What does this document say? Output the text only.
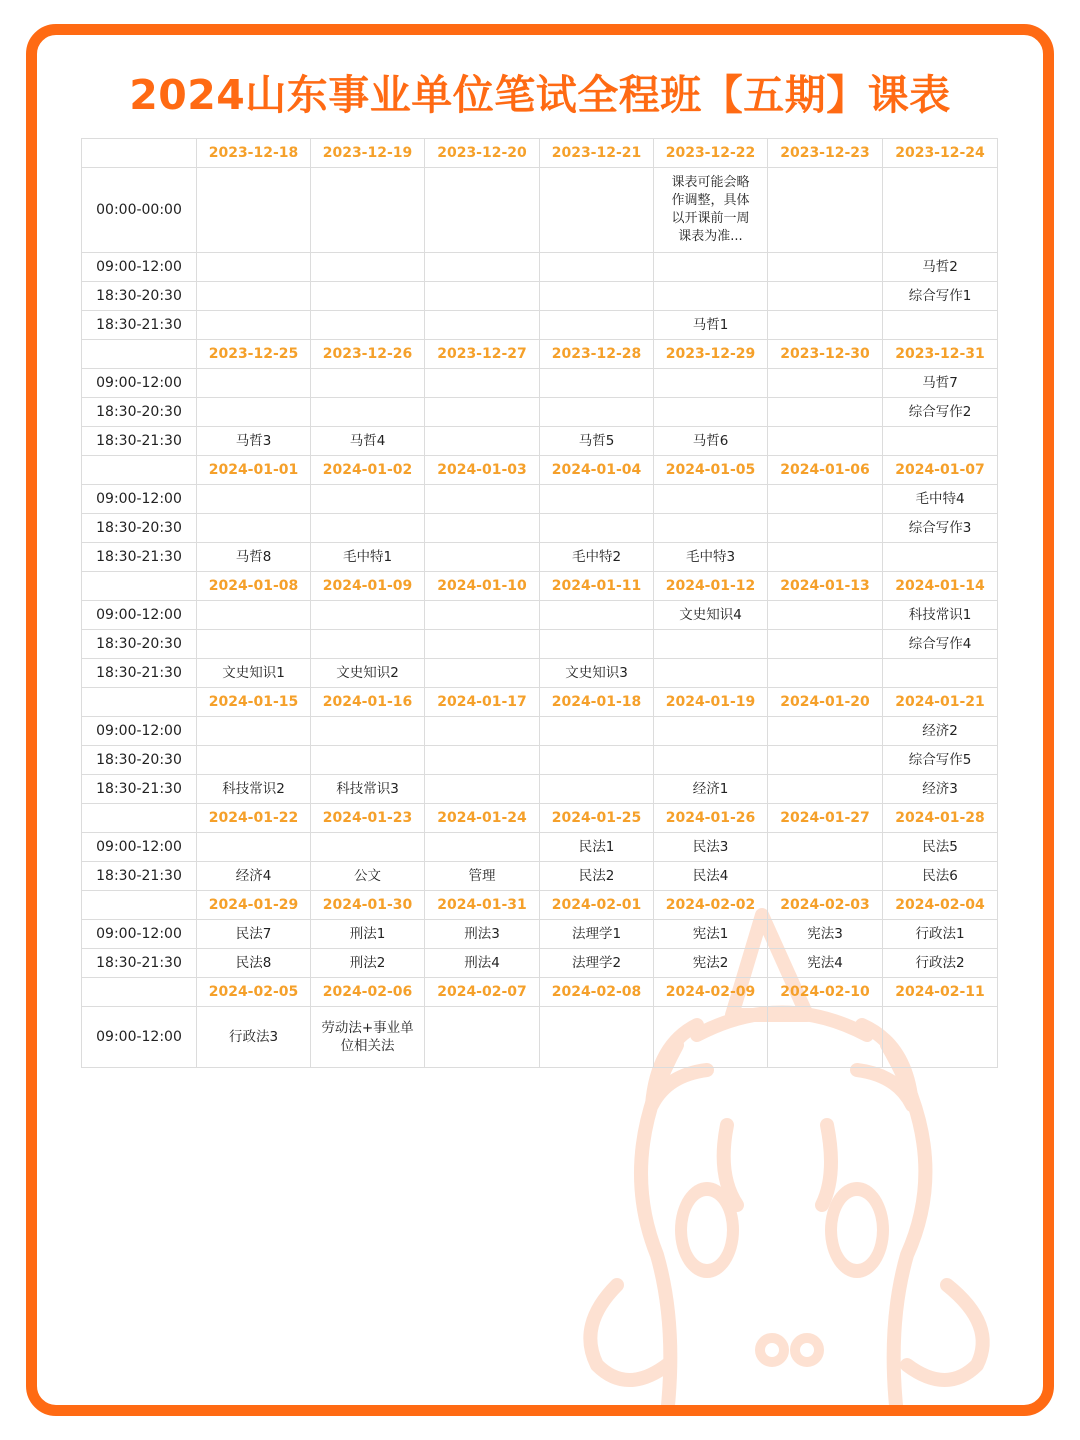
2024山东事业单位笔试全程班【五期】课表
	2023-12-18	2023-12-19	2023-12-20	2023-12-21	2023-12-22	2023-12-23	2023-12-24
00:00-00:00					课表可能会略作调整，具体以开课前一周课表为准...		
09:00-12:00							马哲2
18:30-20:30							综合写作1
18:30-21:30					马哲1		
	2023-12-25	2023-12-26	2023-12-27	2023-12-28	2023-12-29	2023-12-30	2023-12-31
09:00-12:00							马哲7
18:30-20:30							综合写作2
18:30-21:30	马哲3	马哲4		马哲5	马哲6		
	2024-01-01	2024-01-02	2024-01-03	2024-01-04	2024-01-05	2024-01-06	2024-01-07
09:00-12:00							毛中特4
18:30-20:30							综合写作3
18:30-21:30	马哲8	毛中特1		毛中特2	毛中特3		
	2024-01-08	2024-01-09	2024-01-10	2024-01-11	2024-01-12	2024-01-13	2024-01-14
09:00-12:00					文史知识4		科技常识1
18:30-20:30							综合写作4
18:30-21:30	文史知识1	文史知识2		文史知识3			
	2024-01-15	2024-01-16	2024-01-17	2024-01-18	2024-01-19	2024-01-20	2024-01-21
09:00-12:00							经济2
18:30-20:30							综合写作5
18:30-21:30	科技常识2	科技常识3			经济1		经济3
	2024-01-22	2024-01-23	2024-01-24	2024-01-25	2024-01-26	2024-01-27	2024-01-28
09:00-12:00				民法1	民法3		民法5
18:30-21:30	经济4	公文	管理	民法2	民法4		民法6
	2024-01-29	2024-01-30	2024-01-31	2024-02-01	2024-02-02	2024-02-03	2024-02-04
09:00-12:00	民法7	刑法1	刑法3	法理学1	宪法1	宪法3	行政法1
18:30-21:30	民法8	刑法2	刑法4	法理学2	宪法2	宪法4	行政法2
	2024-02-05	2024-02-06	2024-02-07	2024-02-08	2024-02-09	2024-02-10	2024-02-11
09:00-12:00	行政法3	劳动法+事业单位相关法					
